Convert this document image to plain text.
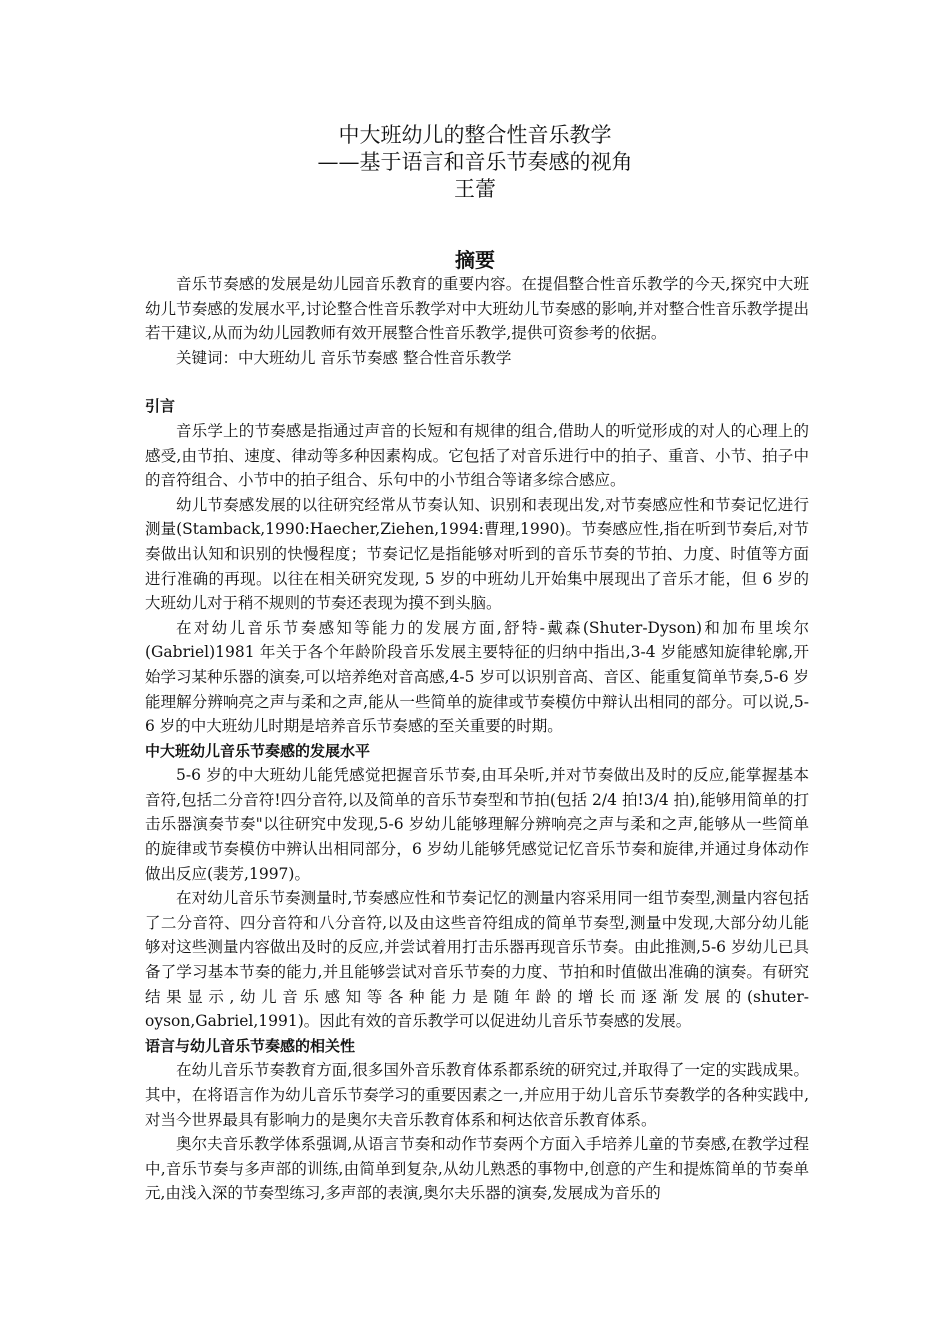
中大班幼儿的整合性音乐教学
——基于语言和音乐节奏感的视角
王蕾
摘要

音乐节奏感的发展是幼儿园音乐教育的重要内容。在提倡整合性音乐教学的今天,探究中大班幼儿节奏感的发展水平,讨论整合性音乐教学对中大班幼儿节奏感的影响,并对整合性音乐教学提出若干建议,从而为幼儿园教师有效开展整合性音乐教学,提供可资参考的依据。

关键词：中大班幼儿 音乐节奏感 整合性音乐教学

引言

音乐学上的节奏感是指通过声音的长短和有规律的组合,借助人的听觉形成的对人的心理上的感受,由节拍、速度、律动等多种因素构成。它包括了对音乐进行中的拍子、重音、小节、拍子中的音符组合、小节中的拍子组合、乐句中的小节组合等诸多综合感应。

幼儿节奏感发展的以往研究经常从节奏认知、识别和表现出发,对节奏感应性和节奏记忆进行测量(Stamback,1990:Haecher,Ziehen,1994:曹理,1990)。节奏感应性,指在听到节奏后,对节奏做出认知和识别的快慢程度；节奏记忆是指能够对听到的音乐节奏的节拍、力度、时值等方面进行准确的再现。以往在相关研究发现, 5 岁的中班幼儿开始集中展现出了音乐才能，但 6 岁的大班幼儿对于稍不规则的节奏还表现为摸不到头脑。

在对幼儿音乐节奏感知等能力的发展方面,舒特-戴森(Shuter-Dyson)和加布里埃尔(Gabriel)1981 年关于各个年龄阶段音乐发展主要特征的归纳中指出,3-4 岁能感知旋律轮廓,开始学习某种乐器的演奏,可以培养绝对音高感,4-5 岁可以识别音高、音区、能重复简单节奏,5-6 岁能理解分辨响亮之声与柔和之声,能从一些简单的旋律或节奏模仿中辩认出相同的部分。可以说,5-6 岁的中大班幼儿时期是培养音乐节奏感的至关重要的时期。

中大班幼儿音乐节奏感的发展水平

5-6 岁的中大班幼儿能凭感觉把握音乐节奏,由耳朵听,并对节奏做出及时的反应,能掌握基本音符,包括二分音符!四分音符,以及简单的音乐节奏型和节拍(包括 2/4 拍!3/4 拍),能够用简单的打击乐器演奏节奏"以往研究中发现,5-6 岁幼儿能够理解分辨响亮之声与柔和之声,能够从一些简单的旋律或节奏模仿中辨认出相同部分，6 岁幼儿能够凭感觉记忆音乐节奏和旋律,并通过身体动作做出反应(裴芳,1997)。

在对幼儿音乐节奏测量时,节奏感应性和节奏记忆的测量内容采用同一组节奏型,测量内容包括了二分音符、四分音符和八分音符,以及由这些音符组成的简单节奏型,测量中发现,大部分幼儿能够对这些测量内容做出及时的反应,并尝试着用打击乐器再现音乐节奏。由此推测,5-6 岁幼儿已具备了学习基本节奏的能力,并且能够尝试对音乐节奏的力度、节拍和时值做出准确的演奏。有研究结果显示,幼儿音乐感知等各种能力是随年龄的增长而逐渐发展的(shuter-oyson,Gabriel,1991)。因此有效的音乐教学可以促进幼儿音乐节奏感的发展。

语言与幼儿音乐节奏感的相关性

在幼儿音乐节奏教育方面,很多国外音乐教育体系都系统的研究过,并取得了一定的实践成果。其中，在将语言作为幼儿音乐节奏学习的重要因素之一,并应用于幼儿音乐节奏教学的各种实践中,对当今世界最具有影响力的是奥尔夫音乐教育体系和柯达依音乐教育体系。

奥尔夫音乐教学体系强调,从语言节奏和动作节奏两个方面入手培养儿童的节奏感,在教学过程中,音乐节奏与多声部的训练,由简单到复杂,从幼儿熟悉的事物中,创意的产生和提炼简单的节奏单元,由浅入深的节奏型练习,多声部的表演,奥尔夫乐器的演奏,发展成为音乐的
